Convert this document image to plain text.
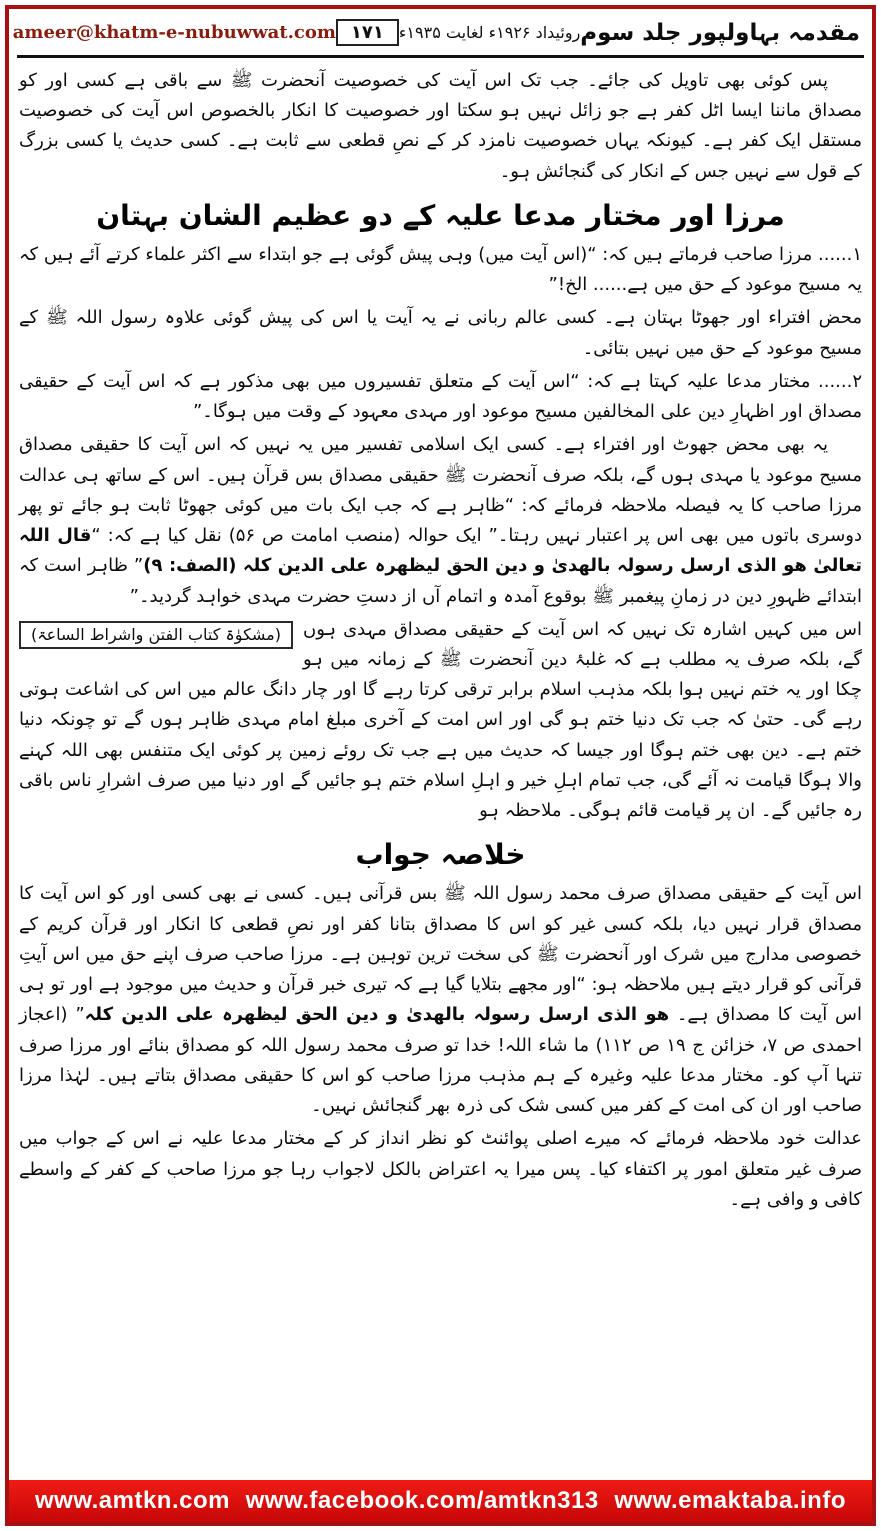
مقدمہ بہاولپور جلد سوم
روئیداد ۱۹۲۶ء لغایت ۱۹۳۵ء
۱۷۱
ameer@khatm-e-nubuwwat.com
پس کوئی بھی تاویل کی جائے۔ جب تک اس آیت کی خصوصیت آنحضرت ﷺ سے باقی ہے کسی اور کو مصداق ماننا ایسا اٹل کفر ہے جو زائل نہیں ہو سکتا اور خصوصیت کا انکار بالخصوص اس آیت کی خصوصیت مستقل ایک کفر ہے۔ کیونکہ یہاں خصوصیت نامزد کر کے نصِ قطعی سے ثابت ہے۔ کسی حدیث یا کسی بزرگ کے قول سے نہیں جس کے انکار کی گنجائش ہو۔
مرزا اور مختار مدعا علیہ کے دو عظیم الشان بہتان
۱...... مرزا صاحب فرماتے ہیں کہ: “(اس آیت میں) وہی پیش گوئی ہے جو ابتداء سے اکثر علماء کرتے آئے ہیں کہ یہ مسیح موعود کے حق میں ہے...... الخ!”
محض افتراء اور جھوٹا بہتان ہے۔ کسی عالم ربانی نے یہ آیت یا اس کی پیش گوئی علاوہ رسول اللہ ﷺ کے مسیح موعود کے حق میں نہیں بتائی۔
۲...... مختار مدعا علیہ کہتا ہے کہ: “اس آیت کے متعلق تفسیروں میں بھی مذکور ہے کہ اس آیت کے حقیقی مصداق اور اظہارِ دین علی المخالفین مسیح موعود اور مہدی معہود کے وقت میں ہوگا۔”
یہ بھی محض جھوٹ اور افتراء ہے۔ کسی ایک اسلامی تفسیر میں یہ نہیں کہ اس آیت کا حقیقی مصداق مسیح موعود یا مہدی ہوں گے، بلکہ صرف آنحضرت ﷺ حقیقی مصداق بس قرآن ہیں۔ اس کے ساتھ ہی عدالت مرزا صاحب کا یہ فیصلہ ملاحظہ فرمائے کہ: “ظاہر ہے کہ جب ایک بات میں کوئی جھوٹا ثابت ہو جائے تو پھر دوسری باتوں میں بھی اس پر اعتبار نہیں رہتا۔” ایک حوالہ (منصب امامت ص ۵۶) نقل کیا ہے کہ: “قال اللہ تعالیٰ ھو الذی ارسل رسولہ بالھدیٰ و دین الحق لیظھرہ علی الدین کلہ (الصف: ۹)” ظاہر است کہ ابتدائے ظہورِ دین در زمانِ پیغمبر ﷺ بوقوع آمدہ و اتمام آں از دستِ حضرت مہدی خواہد گردید۔”
(مشکوٰۃ کتاب الفتن واشراط الساعۃ)	اس میں کہیں اشارہ تک نہیں کہ اس آیت کے حقیقی مصداق مہدی ہوں گے، بلکہ صرف یہ مطلب ہے کہ غلبۂ دین آنحضرت ﷺ کے زمانہ میں ہو چکا اور یہ ختم نہیں ہوا بلکہ مذہب اسلام برابر ترقی کرتا رہے گا اور چار دانگ عالم میں اس کی اشاعت ہوتی رہے گی۔ حتیٰ کہ جب تک دنیا ختم ہو گی اور اس امت کے آخری مبلغ امام مہدی ظاہر ہوں گے تو چونکہ دنیا ختم ہے۔ دین بھی ختم ہوگا اور جیسا کہ حدیث میں ہے جب تک روئے زمین پر کوئی ایک متنفس بھی اللہ کہنے والا ہوگا قیامت نہ آئے گی، جب تمام اہلِ خیر و اہلِ اسلام ختم ہو جائیں گے اور دنیا میں صرف اشرارِ ناس باقی رہ جائیں گے۔ ان پر قیامت قائم ہوگی۔ ملاحظہ ہو
خلاصہ جواب
اس آیت کے حقیقی مصداق صرف محمد رسول اللہ ﷺ بس قرآنی ہیں۔ کسی نے بھی کسی اور کو اس آیت کا مصداق قرار نہیں دیا، بلکہ کسی غیر کو اس کا مصداق بتانا کفر اور نصِ قطعی کا انکار اور قرآن کریم کے خصوصی مدارج میں شرک اور آنحضرت ﷺ کی سخت ترین توہین ہے۔ مرزا صاحب صرف اپنے حق میں اس آیتِ قرآنی کو قرار دیتے ہیں ملاحظہ ہو: “اور مجھے بتلایا گیا ہے کہ تیری خبر قرآن و حدیث میں موجود ہے اور تو ہی اس آیت کا مصداق ہے۔ ھو الذی ارسل رسولہ بالھدیٰ و دین الحق لیظھرہ علی الدین کلہ” (اعجاز احمدی ص ۷، خزائن ج ۱۹ ص ۱۱۲) ما شاء اللہ! خدا تو صرف محمد رسول اللہ کو مصداق بنائے اور مرزا صرف تنہا آپ کو۔ مختار مدعا علیہ وغیرہ کے ہم مذہب مرزا صاحب کو اس کا حقیقی مصداق بتاتے ہیں۔ لہٰذا مرزا صاحب اور ان کی امت کے کفر میں کسی شک کی ذرہ بھر گنجائش نہیں۔
عدالت خود ملاحظہ فرمائے کہ میرے اصلی پوائنٹ کو نظر انداز کر کے مختار مدعا علیہ نے اس کے جواب میں صرف غیر متعلق امور پر اکتفاء کیا۔ پس میرا یہ اعتراض بالکل لاجواب رہا جو مرزا صاحب کے کفر کے واسطے کافی و وافی ہے۔
www.amtkn.com www.facebook.com/amtkn313 www.emaktaba.info
